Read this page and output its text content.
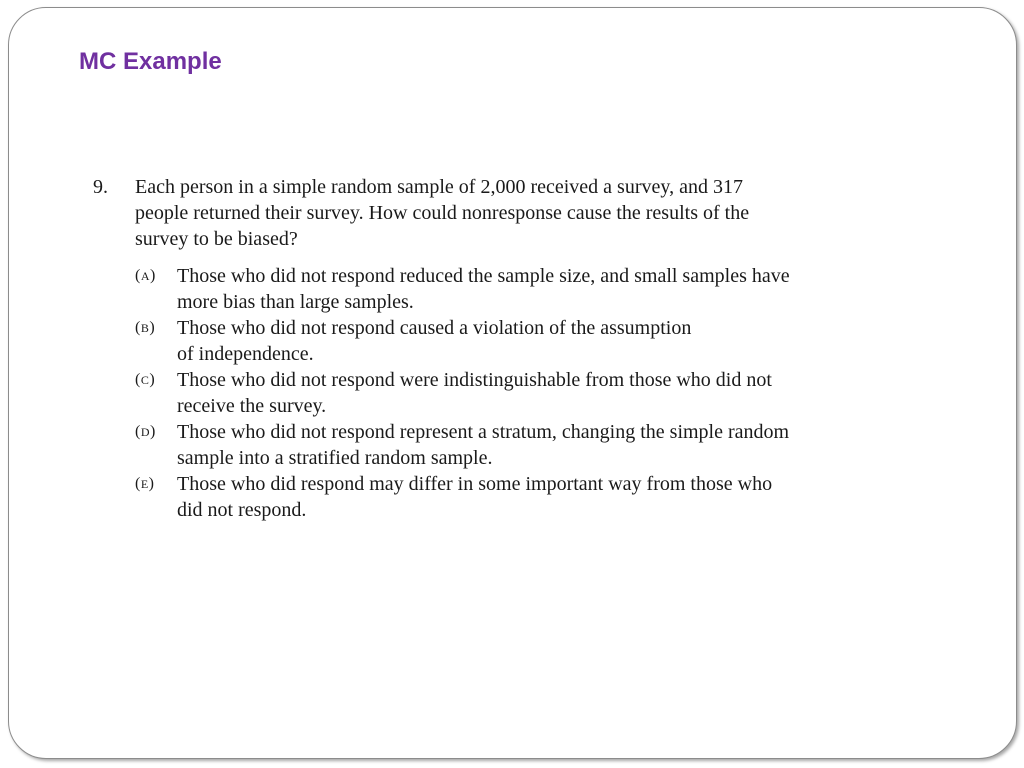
MC Example
9.	Each person in a simple random sample of 2,000 received a survey, and 317
people returned their survey. How could nonresponse cause the results of the
survey to be biased?
(A)	Those who did not respond reduced the sample size, and small samples have
more bias than large samples.
(B)	Those who did not respond caused a violation of the assumption
of independence.
(C)	Those who did not respond were indistinguishable from those who did not
receive the survey.
(D)	Those who did not respond represent a stratum, changing the simple random
sample into a stratified random sample.
(E)	Those who did respond may differ in some important way from those who
did not respond.
